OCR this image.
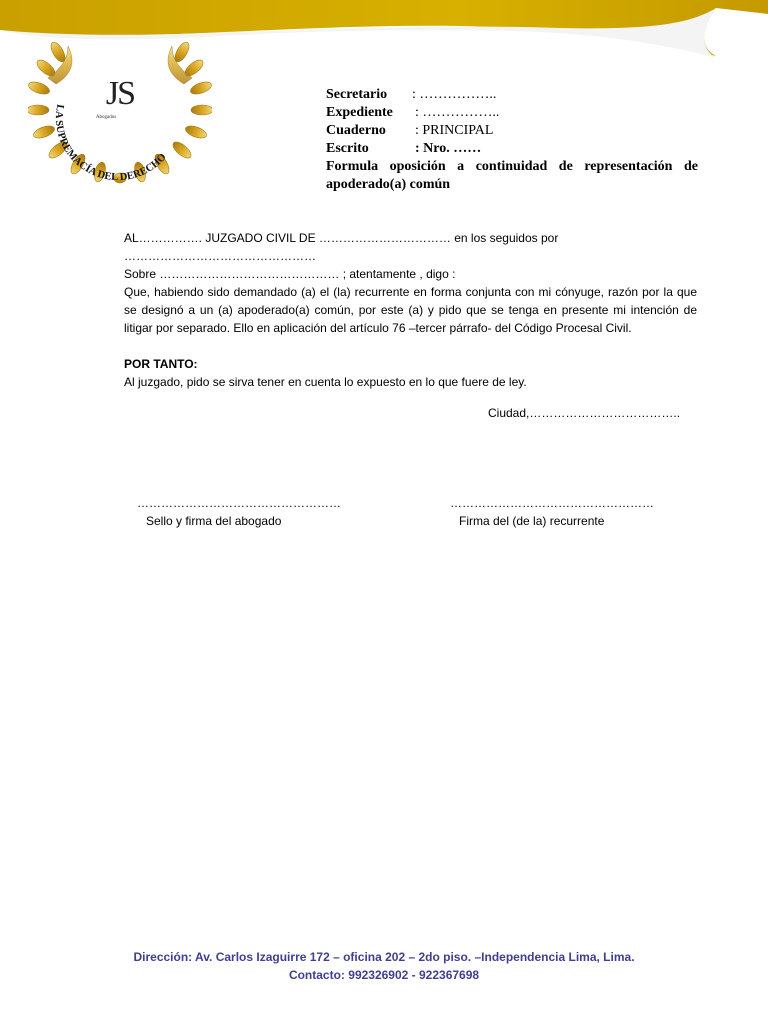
JS
Abogados
LA SUPREMACÍA DEL DERECHO
Secretario	: ……………..
Expediente	: ……………..
Cuaderno	: PRINCIPAL
Escrito	: Nro. ……
Formula oposición a continuidad de representación de apoderado(a) común

AL……………. JUZGADO CIVIL DE …………………………… en los seguidos por …………………………………………

Sobre ……………………………………… ; atentamente , digo :

Que, habiendo sido demandado (a) el (la) recurrente en forma conjunta con mi cónyuge, razón por la que se designó a un (a) apoderado(a) común, por este (a) y pido que se tenga en presente mi intención de litigar por separado. Ello en aplicación del artículo 76 –tercer párrafo- del Código Procesal Civil.

POR TANTO:

Al juzgado, pido se sirva tener en cuenta lo expuesto en lo que fuere de ley.

Ciudad,………………………………..
……………………………………………
Sello y firma del abogado
……………………………………………
Firma del (de la) recurrente
Dirección: Av. Carlos Izaguirre 172 – oficina 202 – 2do piso. –Independencia Lima, Lima.
Contacto: 992326902 - 922367698
